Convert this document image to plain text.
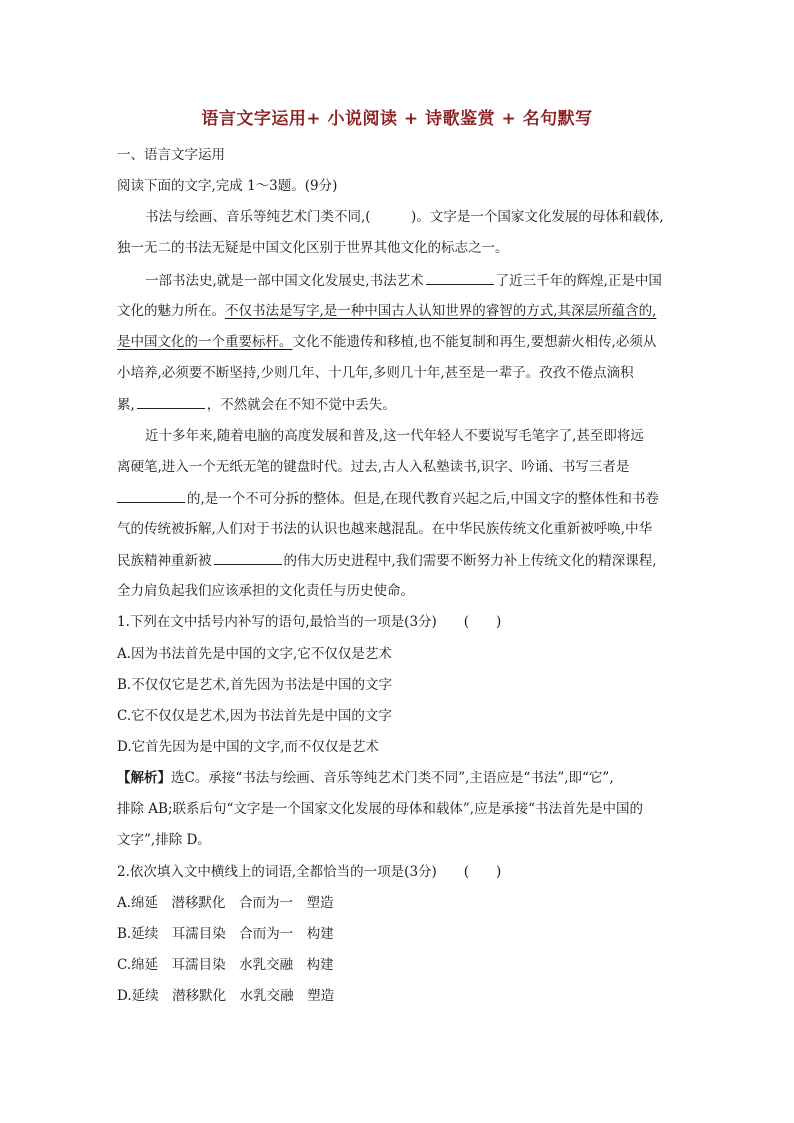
语言文字运用+ 小说阅读 + 诗歌鉴赏 + 名句默写
一、语言文字运用
阅读下面的文字,完成 1～3题。(9分)
书法与绘画、音乐等纯艺术门类不同,(　　　)。文字是一个国家文化发展的母体和载体,
独一无二的书法无疑是中国文化区别于世界其他文化的标志之一。
一部书法史,就是一部中国文化发展史,书法艺术	了近三千年的辉煌,正是中国
文化的魅力所在。不仅书法是写字,是一种中国古人认知世界的睿智的方式,其深层所蕴含的,
是中国文化的一个重要标杆。文化不能遗传和移植,也不能复制和再生,要想薪火相传,必须从
小培养,必须要不断坚持,少则几年、十几年,多则几十年,甚至是一辈子。孜孜不倦点滴积
累,	，不然就会在不知不觉中丢失。
近十多年来,随着电脑的高度发展和普及,这一代年轻人不要说写毛笔字了,甚至即将远
离硬笔,进入一个无纸无笔的键盘时代。过去,古人入私塾读书,识字、吟诵、书写三者是
的,是一个不可分拆的整体。但是,在现代教育兴起之后,中国文字的整体性和书卷
气的传统被拆解,人们对于书法的认识也越来越混乱。在中华民族传统文化重新被呼唤,中华
民族精神重新被	的伟大历史进程中,我们需要不断努力补上传统文化的精深课程,
全力肩负起我们应该承担的文化责任与历史使命。
1.下列在文中括号内补写的语句,最恰当的一项是(3分)　　(　　)
A.因为书法首先是中国的文字,它不仅仅是艺术
B.不仅仅它是艺术,首先因为书法是中国的文字
C.它不仅仅是艺术,因为书法首先是中国的文字
D.它首先因为是中国的文字,而不仅仅是艺术
【解析】选C。承接“书法与绘画、音乐等纯艺术门类不同”,主语应是“书法”,即“它”,
排除 AB;联系后句“文字是一个国家文化发展的母体和载体”,应是承接“书法首先是中国的
文字”,排除 D。
2.依次填入文中横线上的词语,全都恰当的一项是(3分)　　(　　)
A.绵延　潜移默化　合而为一　塑造
B.延续　耳濡目染　合而为一　构建
C.绵延　耳濡目染　水乳交融　构建
D.延续　潜移默化　水乳交融　塑造
